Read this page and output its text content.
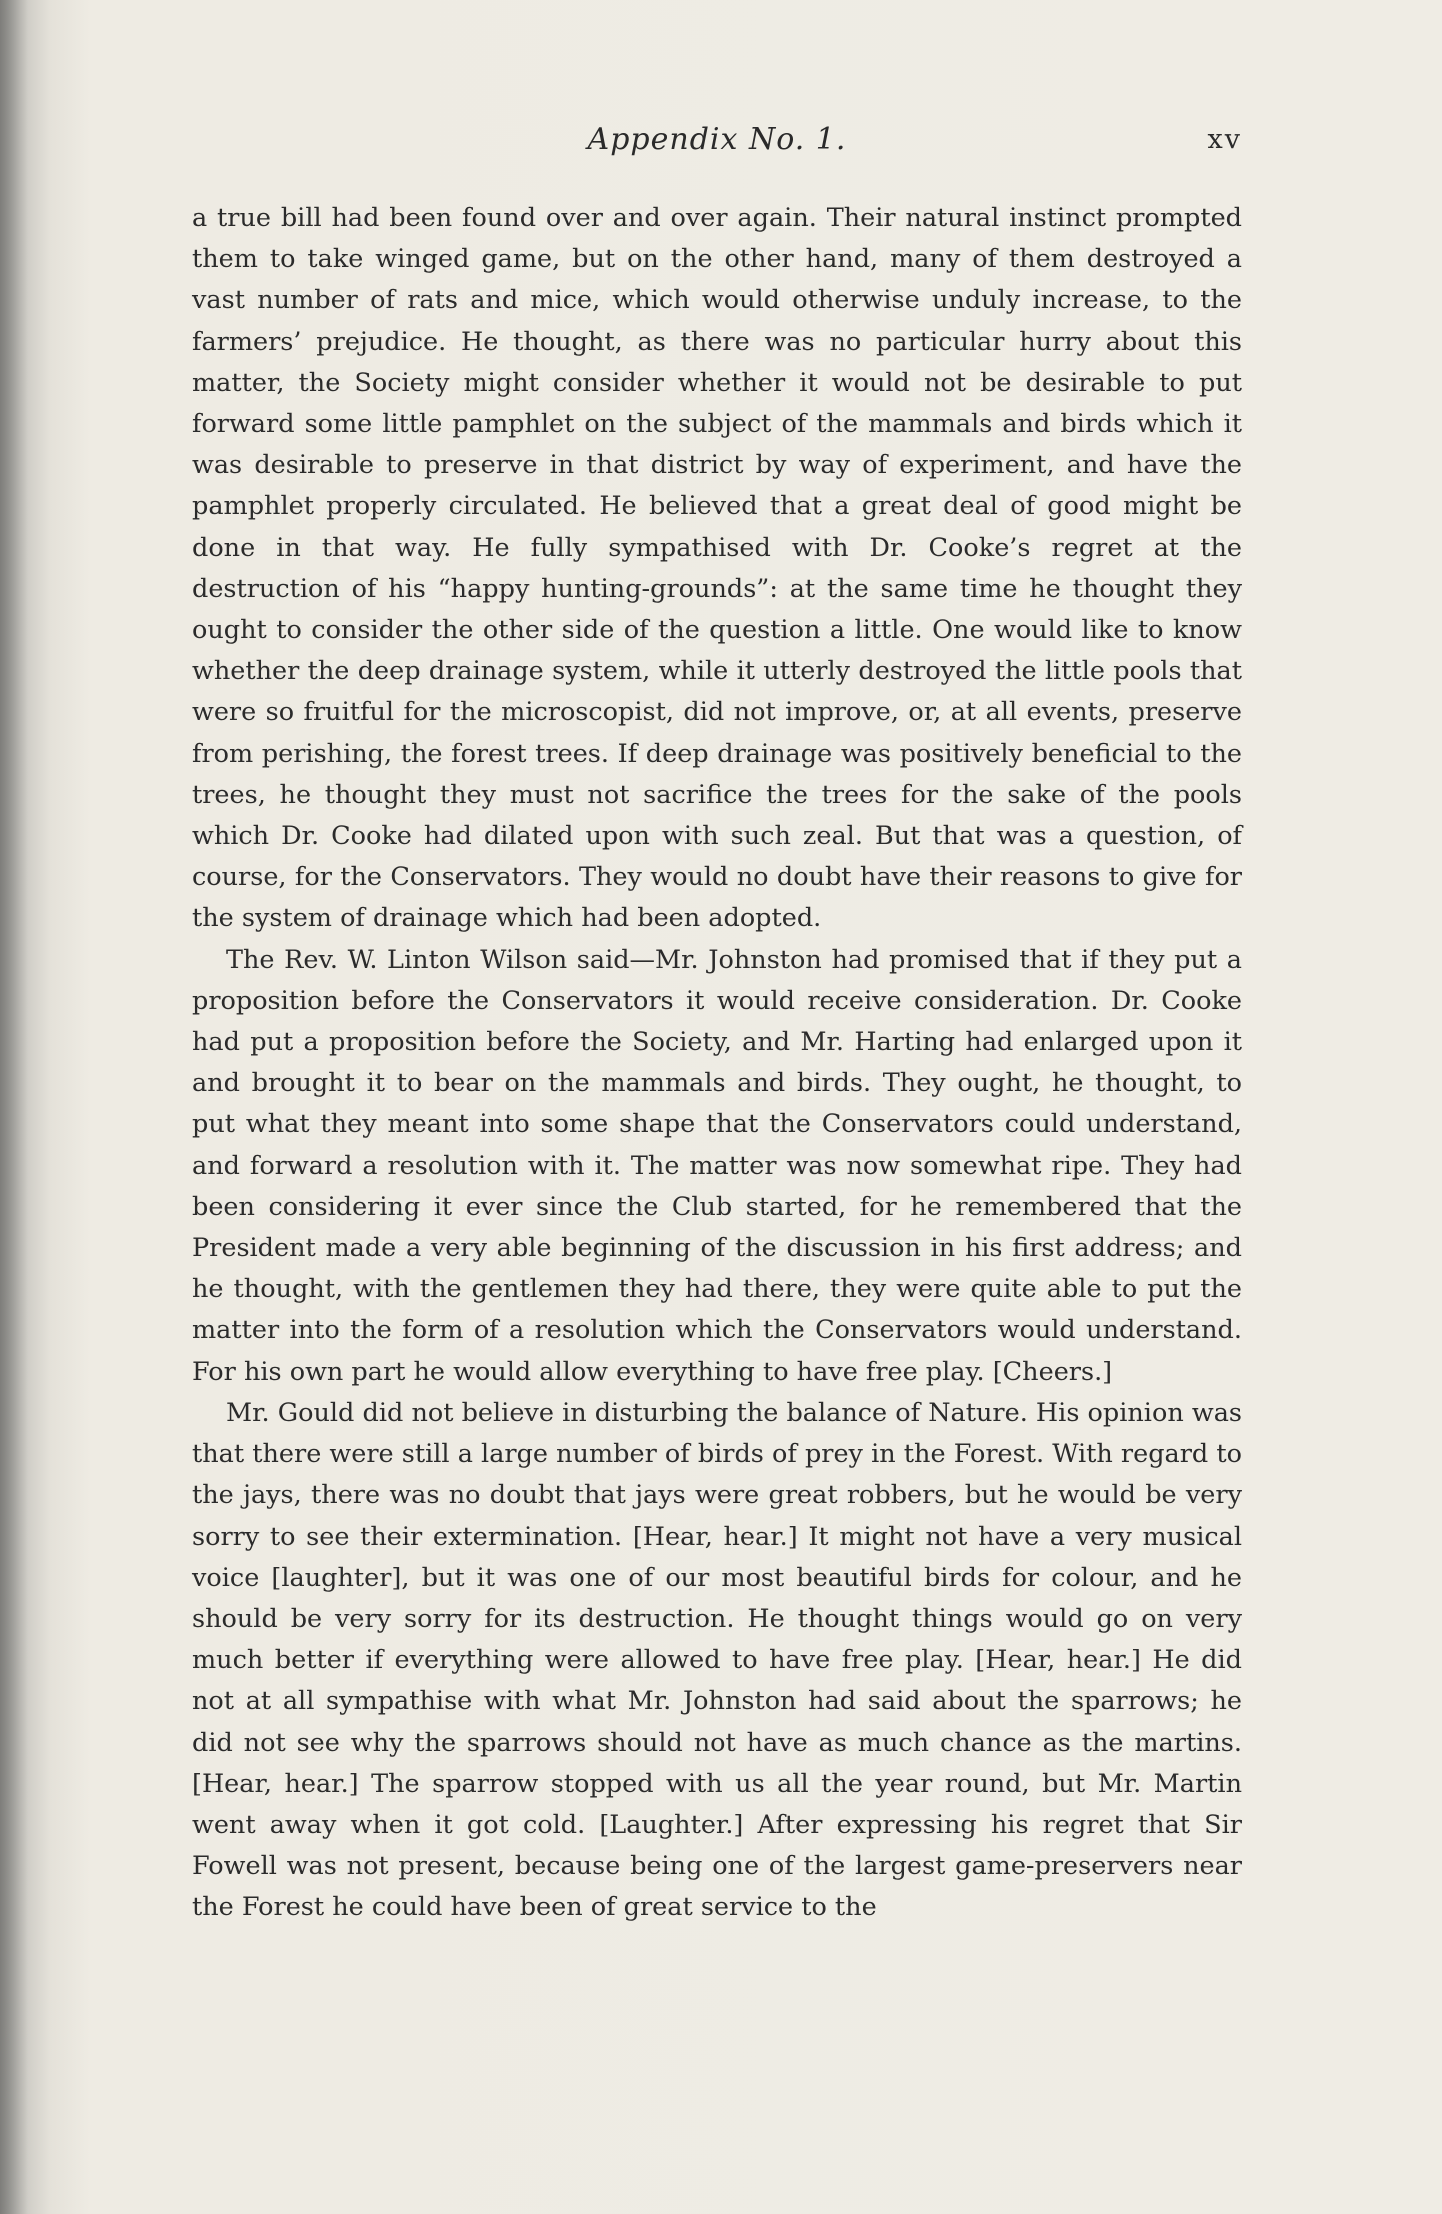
Appendix No. 1.	xv

a true bill had been found over and over again. Their natural instinct prompted them to take winged game, but on the other hand, many of them destroyed a vast number of rats and mice, which would otherwise unduly increase, to the farmers’ prejudice. He thought, as there was no particular hurry about this matter, the Society might consider whether it would not be desirable to put forward some little pamphlet on the subject of the mammals and birds which it was desirable to preserve in that district by way of experiment, and have the pamphlet properly circulated. He believed that a great deal of good might be done in that way. He fully sympathised with Dr. Cooke’s regret at the destruction of his “happy hunting-grounds”: at the same time he thought they ought to consider the other side of the question a little. One would like to know whether the deep drainage system, while it utterly destroyed the little pools that were so fruitful for the microscopist, did not improve, or, at all events, preserve from perishing, the forest trees. If deep drainage was positively beneficial to the trees, he thought they must not sacrifice the trees for the sake of the pools which Dr. Cooke had dilated upon with such zeal. But that was a question, of course, for the Conservators. They would no doubt have their reasons to give for the system of drainage which had been adopted.

The Rev. W. Linton Wilson said—Mr. Johnston had promised that if they put a proposition before the Conservators it would receive consideration. Dr. Cooke had put a proposition before the Society, and Mr. Harting had enlarged upon it and brought it to bear on the mammals and birds. They ought, he thought, to put what they meant into some shape that the Conservators could understand, and forward a resolution with it. The matter was now somewhat ripe. They had been considering it ever since the Club started, for he remembered that the President made a very able beginning of the discussion in his first address; and he thought, with the gentlemen they had there, they were quite able to put the matter into the form of a resolution which the Conservators would understand. For his own part he would allow everything to have free play. [Cheers.]

Mr. Gould did not believe in disturbing the balance of Nature. His opinion was that there were still a large number of birds of prey in the Forest. With regard to the jays, there was no doubt that jays were great robbers, but he would be very sorry to see their extermination. [Hear, hear.] It might not have a very musical voice [laughter], but it was one of our most beautiful birds for colour, and he should be very sorry for its destruction. He thought things would go on very much better if everything were allowed to have free play. [Hear, hear.] He did not at all sympathise with what Mr. Johnston had said about the sparrows; he did not see why the sparrows should not have as much chance as the martins. [Hear, hear.] The sparrow stopped with us all the year round, but Mr. Martin went away when it got cold. [Laughter.] After expressing his regret that Sir Fowell was not present, because being one of the largest game-preservers near the Forest he could have been of great service to the
